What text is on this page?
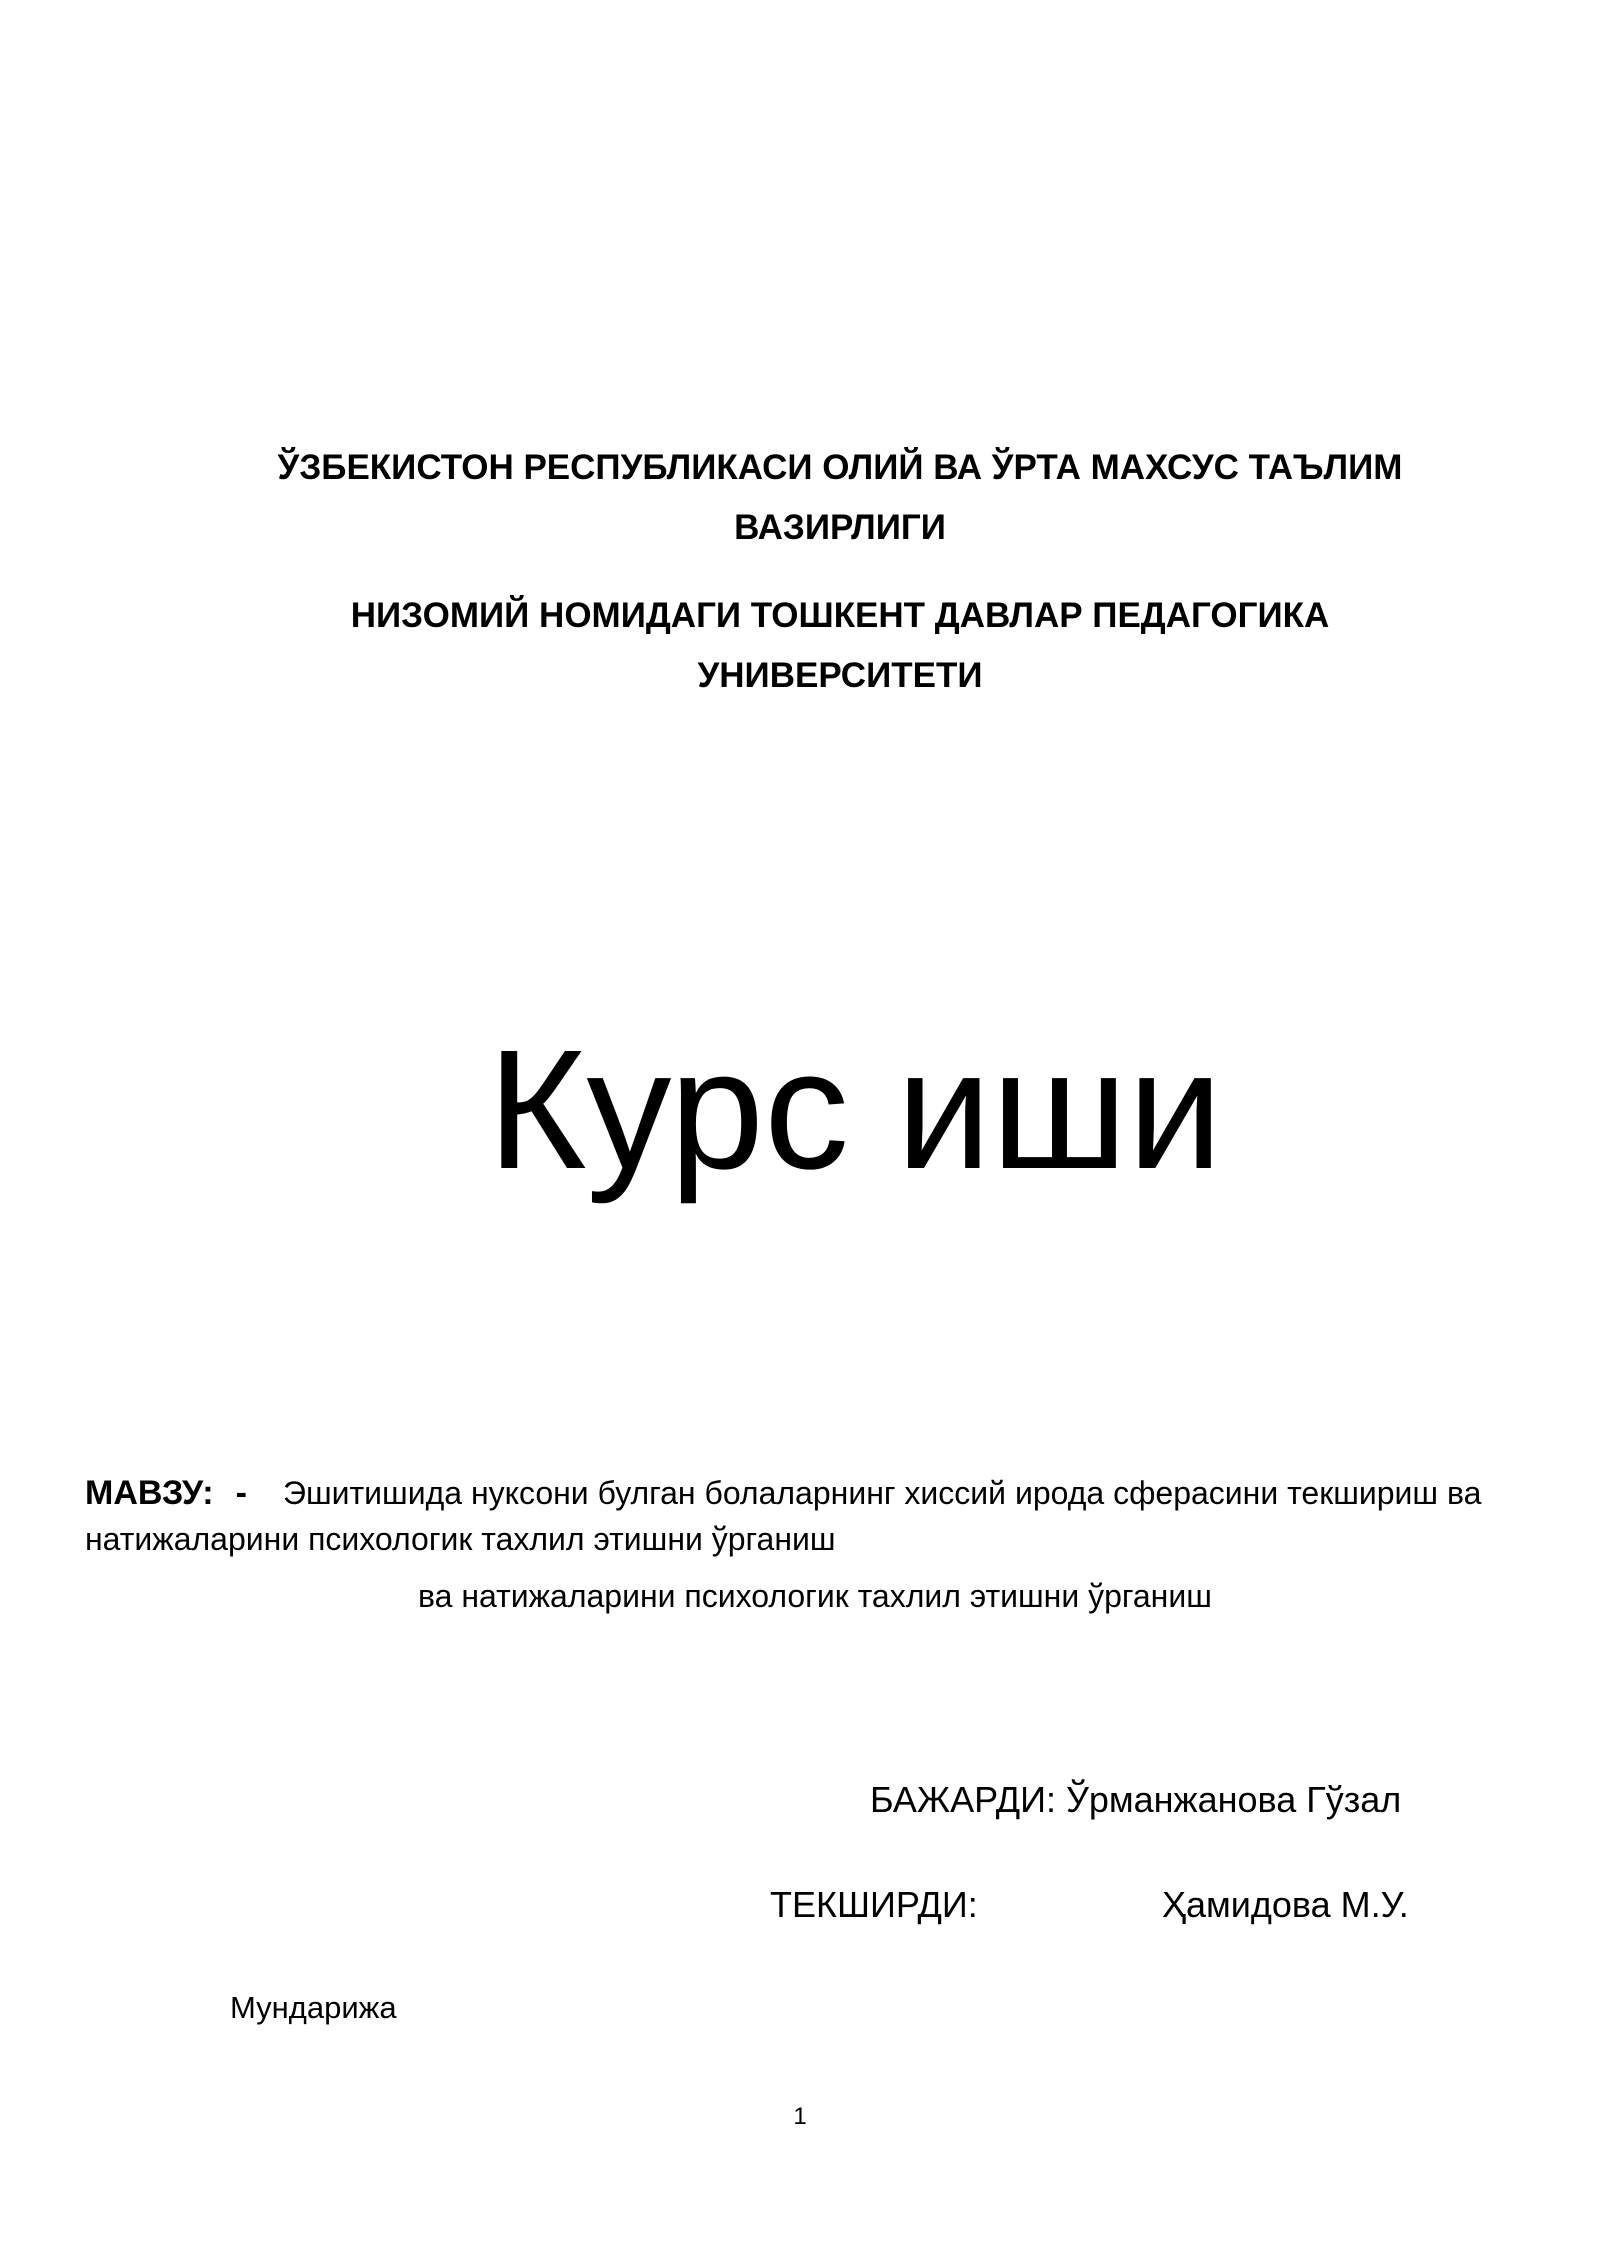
ЎЗБЕКИСТОН РЕСПУБЛИКАСИ ОЛИЙ ВА ЎРТА МАХСУС ТАЪЛИМ
ВАЗИРЛИГИ
НИЗОМИЙ НОМИДАГИ ТОШКЕНТ ДАВЛАР ПЕДАГОГИКА
УНИВЕРСИТЕТИ
Курс иши
МАВЗУ: - Эшитишида нуксони булган болаларнинг хиссий ирода сферасини текшириш ва натижаларини психологик тахлил этишни ўрганиш
ва натижаларини психологик тахлил этишни ўрганиш
БАЖАРДИ: Ўрманжанова Гўзал
ТЕКШИРДИ:	Ҳамидова М.У.
Мундарижа
1
